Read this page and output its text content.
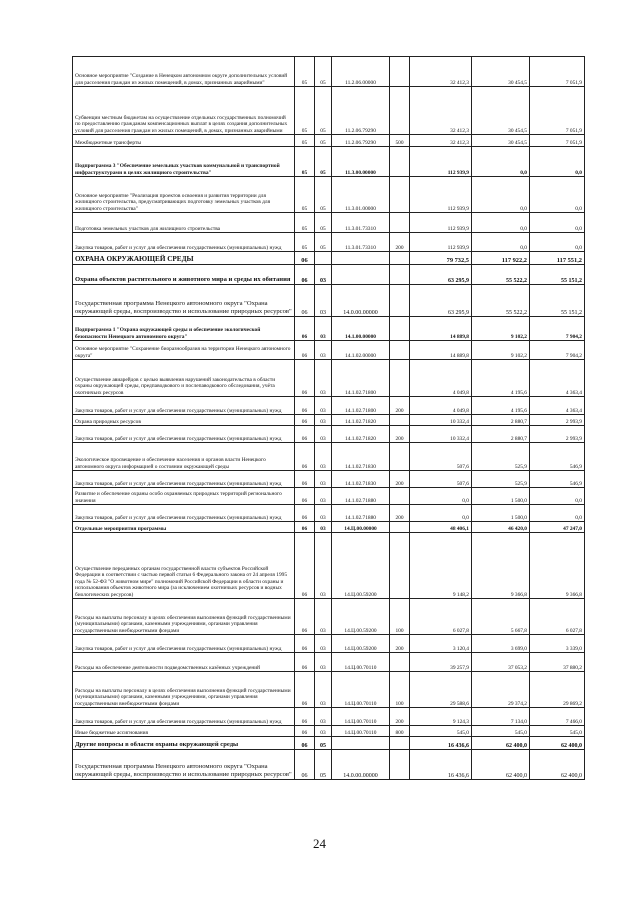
Основное мероприятие "Создание в Ненецком автономном округе дополнительных условий для расселения граждан из жилых помещений, в домах, признанных аварийными"	05	05	11.2.06.00000		32 412,3	30 454,5	7 051,9
Субвенции местным бюджетам на осуществление отдельных государственных полномочий по предоставлению гражданам компенсационных выплат в целях создания дополнительных условий для расселения граждан из жилых помещений, в домах, признанных аварийными	05	05	11.2.06.79290		32 412,3	30 454,5	7 051,9
Межбюджетные трансферты	05	05	11.2.06.79290	500	32 412,3	30 454,5	7 051,9
Подпрограмма 3 "Обеспечение земельных участков коммунальной и транспортной инфраструктурами в целях жилищного строительства"	05	05	11.3.00.00000		112 939,9	0,0	0,0
Основное мероприятие "Реализация проектов освоения и развития территории для жилищного строительства, предусматривающих подготовку земельных участков для жилищного строительства"	05	05	11.3.01.00000		112 939,9	0,0	0,0
Подготовка земельных участков для жилищного строительства	05	05	11.3.01.73310		112 939,9	0,0	0,0
Закупка товаров, работ и услуг для обеспечения государственных (муниципальных) нужд	05	05	11.3.01.73310	200	112 939,9	0,0	0,0
ОХРАНА ОКРУЖАЮЩЕЙ СРЕДЫ	06				79 732,5	117 922,2	117 551,2
Охрана объектов растительного и животного мира и среды их обитания	06	03			63 295,9	55 522,2	55 151,2
Государственная программа Ненецкого автономного округа "Охрана окружающей среды, воспроизводство и использование природных ресурсов"	06	03	14.0.00.00000		63 295,9	55 522,2	55 151,2
Подпрограмма 1 "Охрана окружающей среды и обеспечение экологической безопасности Ненецкого автономного округа"	06	03	14.1.00.00000		14 889,8	9 102,2	7 904,2
Основное мероприятие "Сохранение биоразнообразия на территории Ненецкого автономного округа"	06	03	14.1.02.00000		14 889,8	9 102,2	7 904,2
Осуществление авиарейдов с целью выявления нарушений законодательства в области охраны окружающей среды, предпаводкового и послепаводкового обследования, учёта охотничьих ресурсов	06	03	14.1.02.71800		4 049,8	4 195,6	4 363,4
Закупка товаров, работ и услуг для обеспечения государственных (муниципальных) нужд	06	03	14.1.02.71800	200	4 049,8	4 195,6	4 363,4
Охрана природных ресурсов	06	03	14.1.02.71820		10 332,4	2 880,7	2 993,9
Закупка товаров, работ и услуг для обеспечения государственных (муниципальных) нужд	06	03	14.1.02.71820	200	10 332,4	2 880,7	2 993,9
Экологическое просвещение и обеспечение населения и органов власти Ненецкого автономного округа информацией о состоянии окружающей среды	06	03	14.1.02.71830		507,6	525,9	546,9
Закупка товаров, работ и услуг для обеспечения государственных (муниципальных) нужд	06	03	14.1.02.71830	200	507,6	525,9	546,9
Развитие и обеспечение охраны особо охраняемых природных территорий регионального значения	06	03	14.1.02.71880		0,0	1 500,0	0,0
Закупка товаров, работ и услуг для обеспечения государственных (муниципальных) нужд	06	03	14.1.02.71880	200	0,0	1 500,0	0,0
Отдельные мероприятия программы	06	03	14.Ц.00.00000		48 406,1	46 420,0	47 247,0
Осуществление переданных органам государственной власти субъектов Российской Федерации в соответствии с частью первой статьи 6 Федерального закона от 24 апреля 1995 года № 52-ФЗ "О животном мире" полномочий Российской Федерации в области охраны и использования объектов животного мира (за исключением охотничьих ресурсов и водных биологических ресурсов)	06	03	14.Ц.00.59200		9 148,2	9 366,8	9 366,8
Расходы на выплаты персоналу в целях обеспечения выполнения функций государственными (муниципальными) органами, казенными учреждениями, органами управления государственными внебюджетными фондами	06	03	14.Ц.00.59200	100	6 027,8	5 667,8	6 027,8
Закупка товаров, работ и услуг для обеспечения государственных (муниципальных) нужд	06	03	14.Ц.00.59200	200	3 120,4	3 699,0	3 339,0
Расходы на обеспечение деятельности подведомственных казённых учреждений	06	03	14.Ц.00.70110		39 257,9	37 053,2	37 880,2
Расходы на выплаты персоналу в целях обеспечения выполнения функций государственными (муниципальными) органами, казенными учреждениями, органами управления государственными внебюджетными фондами	06	03	14.Ц.00.70110	100	29 588,6	29 374,2	29 869,2
Закупка товаров, работ и услуг для обеспечения государственных (муниципальных) нужд	06	03	14.Ц.00.70110	200	9 124,3	7 134,0	7 466,0
Иные бюджетные ассигнования	06	03	14.Ц.00.70110	800	545,0	545,0	545,0
Другие вопросы в области охраны окружающей среды	06	05			16 436,6	62 400,0	62 400,0
Государственная программа Ненецкого автономного округа "Охрана окружающей среды, воспроизводство и использование природных ресурсов"	06	05	14.0.00.00000		16 436,6	62 400,0	62 400,0
24
